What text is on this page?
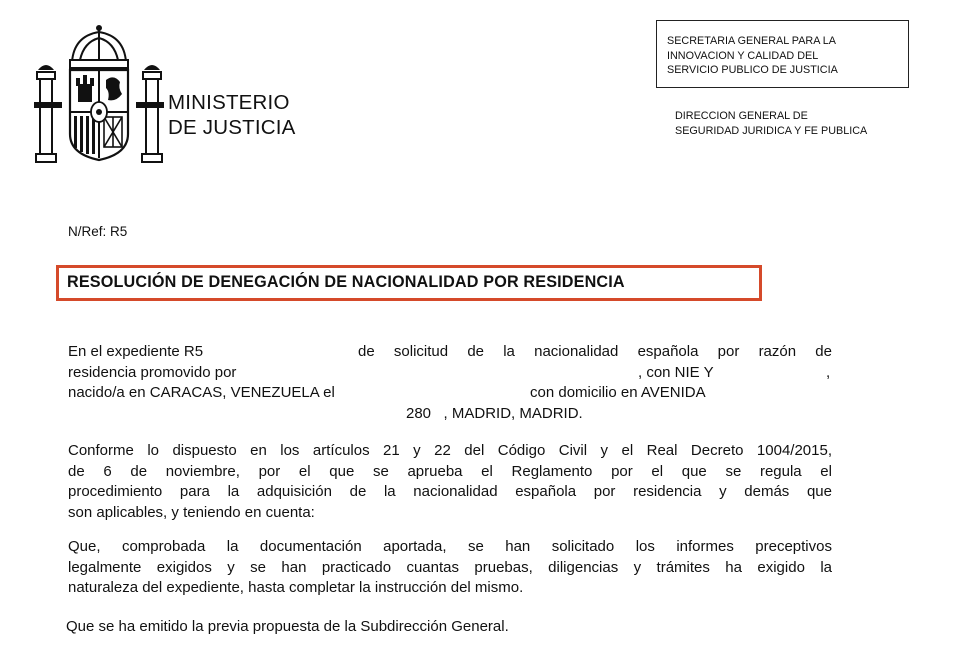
MINISTERIO
DE JUSTICIA
SECRETARIA GENERAL PARA LA
INNOVACION Y CALIDAD DEL
SERVICIO PUBLICO DE JUSTICIA
DIRECCION GENERAL DE
SEGURIDAD JURIDICA Y FE PUBLICA
N/Ref: R5
RESOLUCIÓN DE DENEGACIÓN DE NACIONALIDAD POR RESIDENCIA
En el expediente R5	de solicitud de la nacionalidad española por razón de
residencia promovido por	, con NIE Y	,
nacido/a en CARACAS, VENEZUELA el	con domicilio en AVENIDA
280   , MADRID, MADRID.
Conforme lo dispuesto en los artículos 21 y 22 del Código Civil y el Real Decreto 1004/2015,
de 6 de noviembre, por el que se aprueba el Reglamento por el que se regula el
procedimiento para la adquisición de la nacionalidad española por residencia y demás que
son aplicables, y teniendo en cuenta:
Que, comprobada la documentación aportada, se han solicitado los informes preceptivos
legalmente exigidos y se han practicado cuantas pruebas, diligencias y trámites ha exigido la
naturaleza del expediente, hasta completar la instrucción del mismo.
Que se ha emitido la previa propuesta de la Subdirección General.
